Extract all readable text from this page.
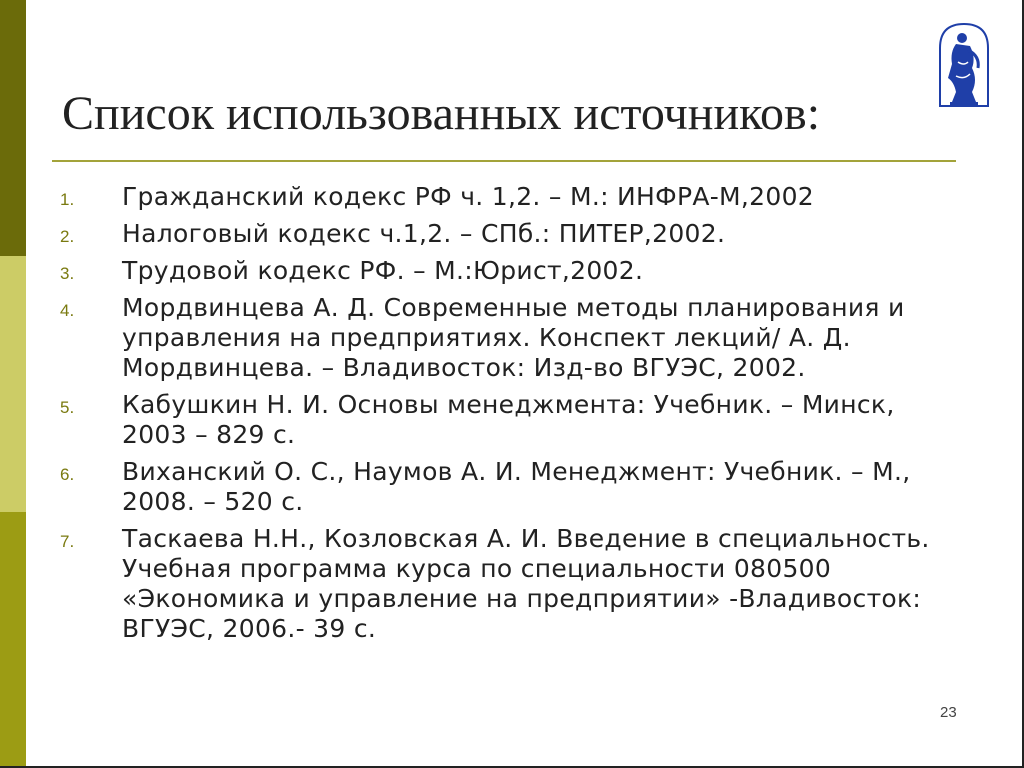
Список использованных источников:
1.	Гражданский кодекс РФ ч. 1,2. – М.: ИНФРА-М,2002
2.	Налоговый кодекс ч.1,2. – СПб.: ПИТЕР,2002.
3.	Трудовой кодекс РФ. – М.:Юрист,2002.
4.	Мордвинцева А. Д. Современные методы планирования и управления на предприятиях. Конспект лекций/ А. Д. Мордвинцева. – Владивосток: Изд-во ВГУЭС, 2002.
5.	Кабушкин Н. И. Основы менеджмента: Учебник. – Минск, 2003 – 829 с.
6.	Виханский О. С., Наумов А. И. Менеджмент: Учебник. – М., 2008. – 520 с.
7.	Таскаева Н.Н., Козловская А. И. Введение в специальность. Учебная программа курса по специальности 080500 «Экономика и управление на предприятии» -Владивосток: ВГУЭС, 2006.- 39 с.
23
